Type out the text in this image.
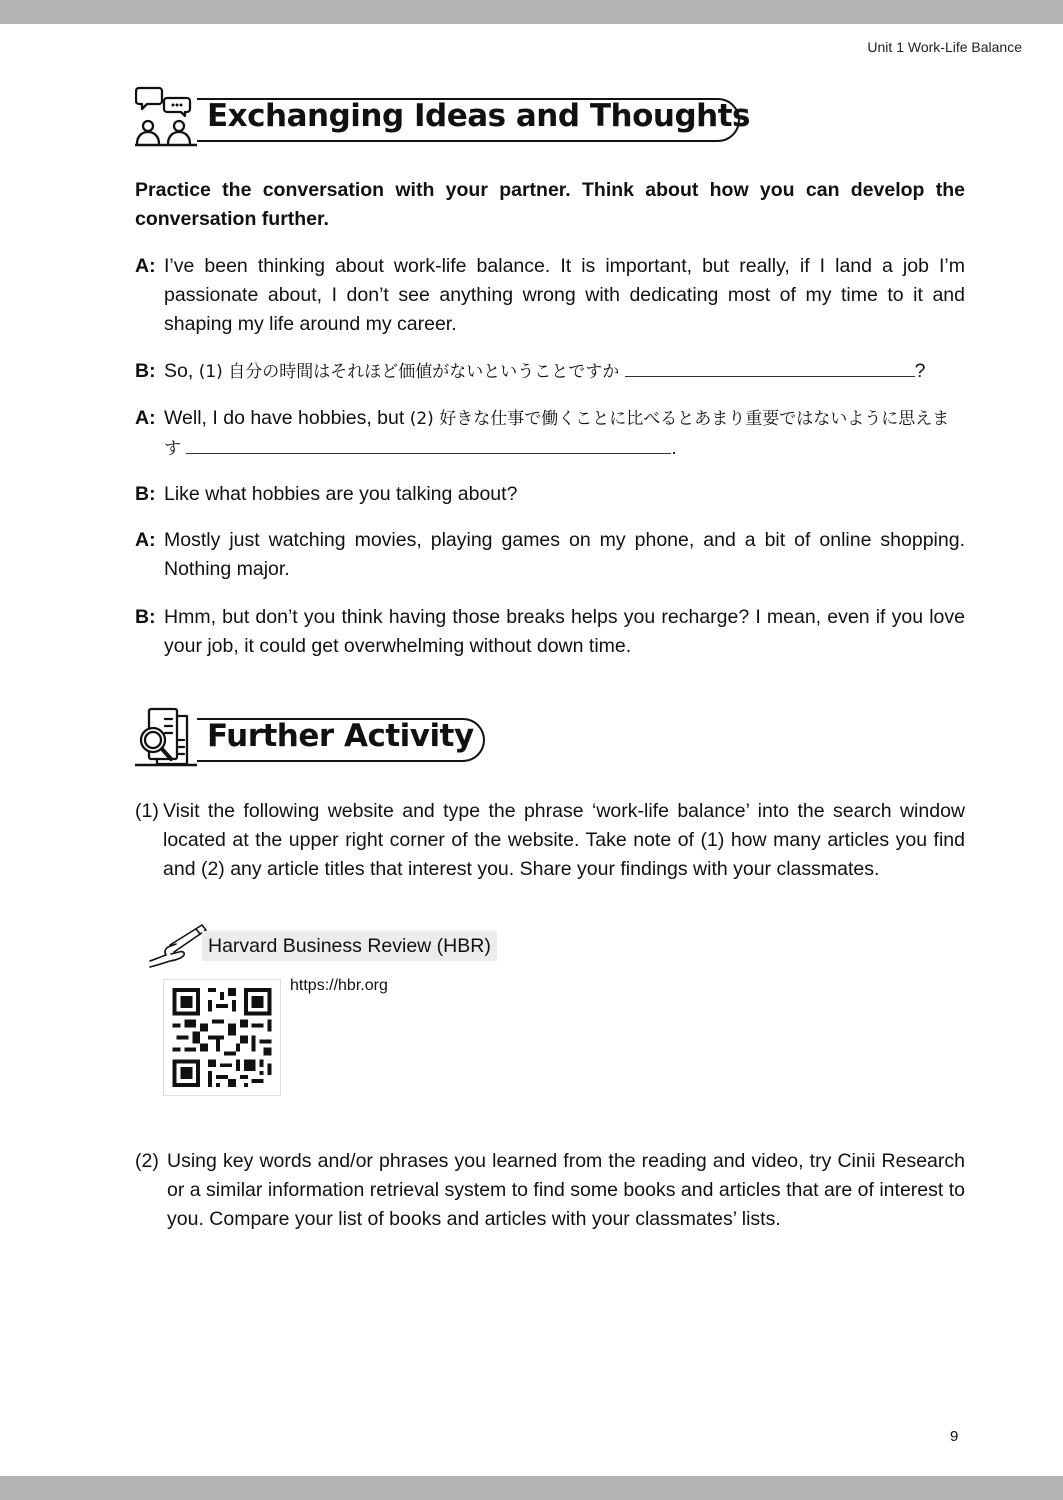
Unit 1 Work-Life Balance
Exchanging Ideas and Thoughts
Practice the conversation with your partner. Think about how you can develop the conversation further.
A: I’ve been thinking about work-life balance. It is important, but really, if I land a job I’m passionate about, I don’t see anything wrong with dedicating most of my time to it and shaping my life around my career.
B: So, (1) 自分の時間はそれほど価値がないということですか	?
A: Well, I do have hobbies, but (2) 好きな仕事で働くことに比べるとあまり重要ではないように思えます	.
B: Like what hobbies are you talking about?
A: Mostly just watching movies, playing games on my phone, and a bit of online shopping. Nothing major.
B: Hmm, but don’t you think having those breaks helps you recharge? I mean, even if you love your job, it could get overwhelming without down time.
Further Activity
(1) Visit the following website and type the phrase ‘work-life balance’ into the search window located at the upper right corner of the website. Take note of (1) how many articles you find and (2) any article titles that interest you. Share your findings with your classmates.
Harvard Business Review (HBR)
https://hbr.org
(2) Using key words and/or phrases you learned from the reading and video, try Cinii Research or a similar information retrieval system to find some books and articles that are of interest to you. Compare your list of books and articles with your classmates’ lists.
9
